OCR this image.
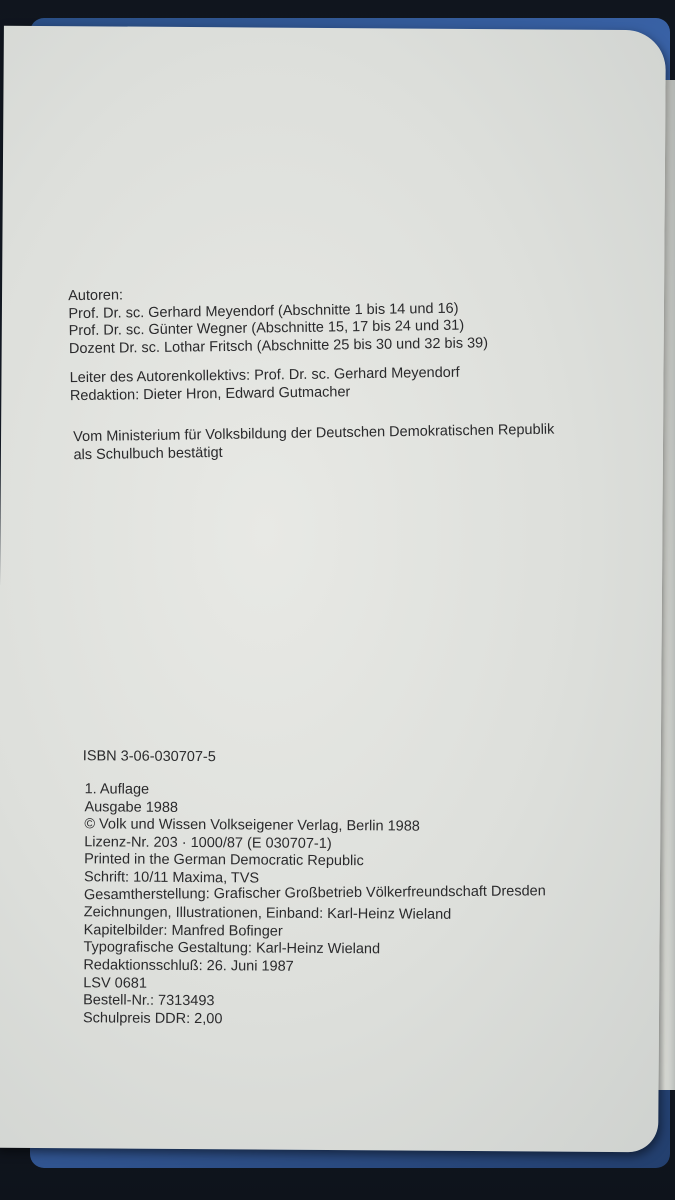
Autoren:
Prof. Dr. sc. Gerhard Meyendorf (Abschnitte 1 bis 14 und 16)
Prof. Dr. sc. Günter Wegner (Abschnitte 15, 17 bis 24 und 31)
Dozent Dr. sc. Lothar Fritsch (Abschnitte 25 bis 30 und 32 bis 39)
Leiter des Autorenkollektivs: Prof. Dr. sc. Gerhard Meyendorf
Redaktion: Dieter Hron, Edward Gutmacher
Vom Ministerium für Volksbildung der Deutschen Demokratischen Republik
als Schulbuch bestätigt
ISBN 3-06-030707-5
1. Auflage
Ausgabe 1988
© Volk und Wissen Volkseigener Verlag, Berlin 1988
Lizenz-Nr. 203 · 1000/87 (E 030707-1)
Printed in the German Democratic Republic
Schrift: 10/11 Maxima, TVS
Gesamtherstellung: Grafischer Großbetrieb Völkerfreundschaft Dresden
Zeichnungen, Illustrationen, Einband: Karl-Heinz Wieland
Kapitelbilder: Manfred Bofinger
Typografische Gestaltung: Karl-Heinz Wieland
Redaktionsschluß: 26. Juni 1987
LSV 0681
Bestell-Nr.: 7313493
Schulpreis DDR: 2,00
